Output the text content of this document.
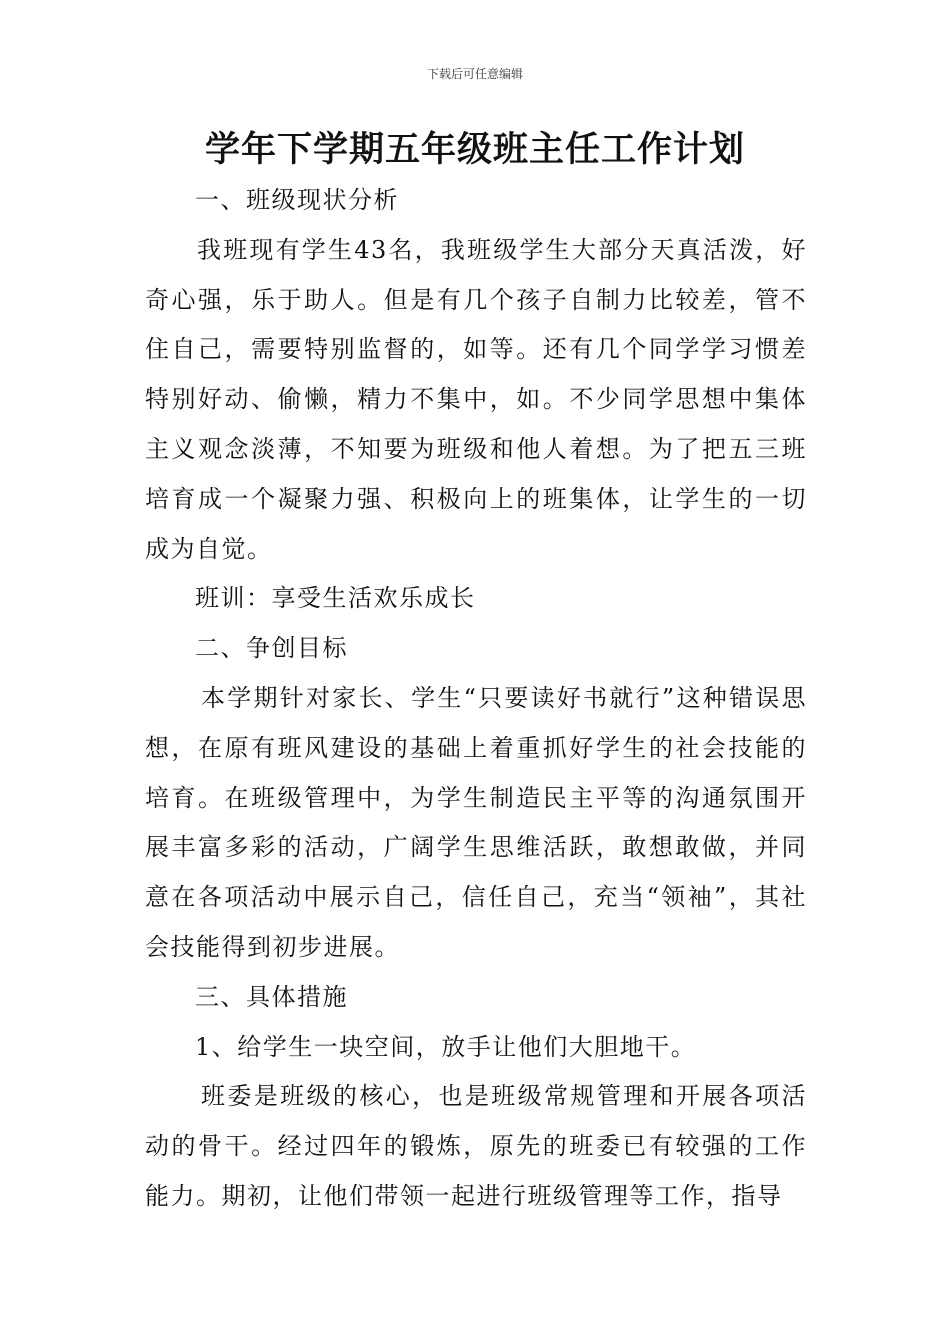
下载后可任意编辑
学年下学期五年级班主任工作计划

一、班级现状分析

我班现有学生43名，我班级学生大部分天真活泼，好奇心强，乐于助人。但是有几个孩子自制力比较差，管不住自己，需要特别监督的，如等。还有几个同学学习惯差特别好动、偷懒，精力不集中，如。不少同学思想中集体主义观念淡薄，不知要为班级和他人着想。为了把五三班培育成一个凝聚力强、积极向上的班集体，让学生的一切成为自觉。

班训：享受生活欢乐成长

二、争创目标

本学期针对家长、学生“只要读好书就行”这种错误思想，在原有班风建设的基础上着重抓好学生的社会技能的培育。在班级管理中，为学生制造民主平等的沟通氛围开展丰富多彩的活动，广阔学生思维活跃，敢想敢做，并同意在各项活动中展示自己，信任自己，充当“领袖”，其社会技能得到初步进展。

三、具体措施

1、给学生一块空间，放手让他们大胆地干。

班委是班级的核心，也是班级常规管理和开展各项活动的骨干。经过四年的锻炼，原先的班委已有较强的工作能力。期初，让他们带领一起进行班级管理等工作，指导
